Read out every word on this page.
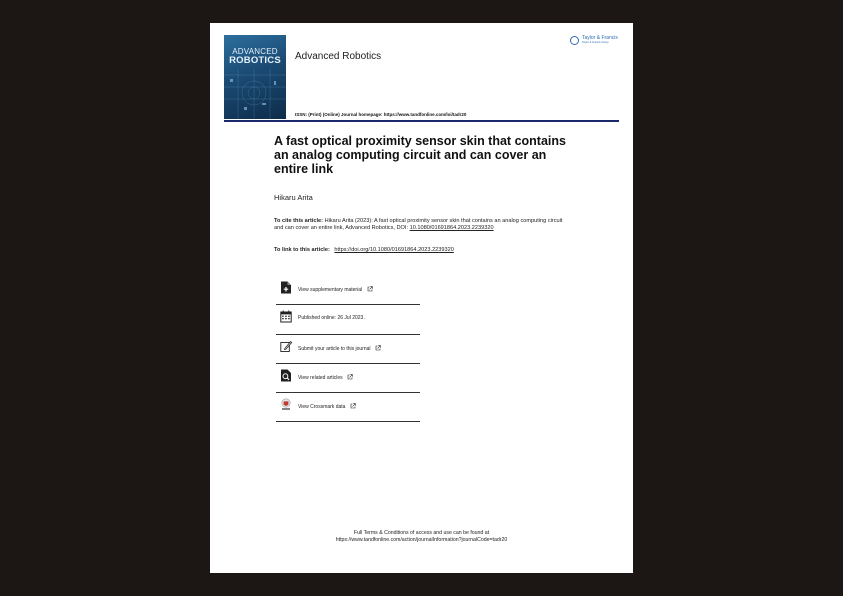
ADVANCED
ROBOTICS	Advanced Robotics
Taylor & Francis
Taylor & Francis Group
ISSN: (Print) (Online) Journal homepage: https://www.tandfonline.com/loi/tadr20
A fast optical proximity sensor skin that contains
an analog computing circuit and can cover an
entire link
Hikaru Arita
To cite this article: Hikaru Arita (2023): A fast optical proximity sensor skin that contains an analog computing circuit and can cover an entire link, Advanced Robotics, DOI: 10.1080/01691864.2023.2239320
To link to this article: https://doi.org/10.1080/01691864.2023.2239320
View supplementary material
Published online: 26 Jul 2023.
Submit your article to this journal
View related articles
View Crossmark data
Full Terms & Conditions of access and use can be found at
https://www.tandfonline.com/action/journalInformation?journalCode=tadr20
